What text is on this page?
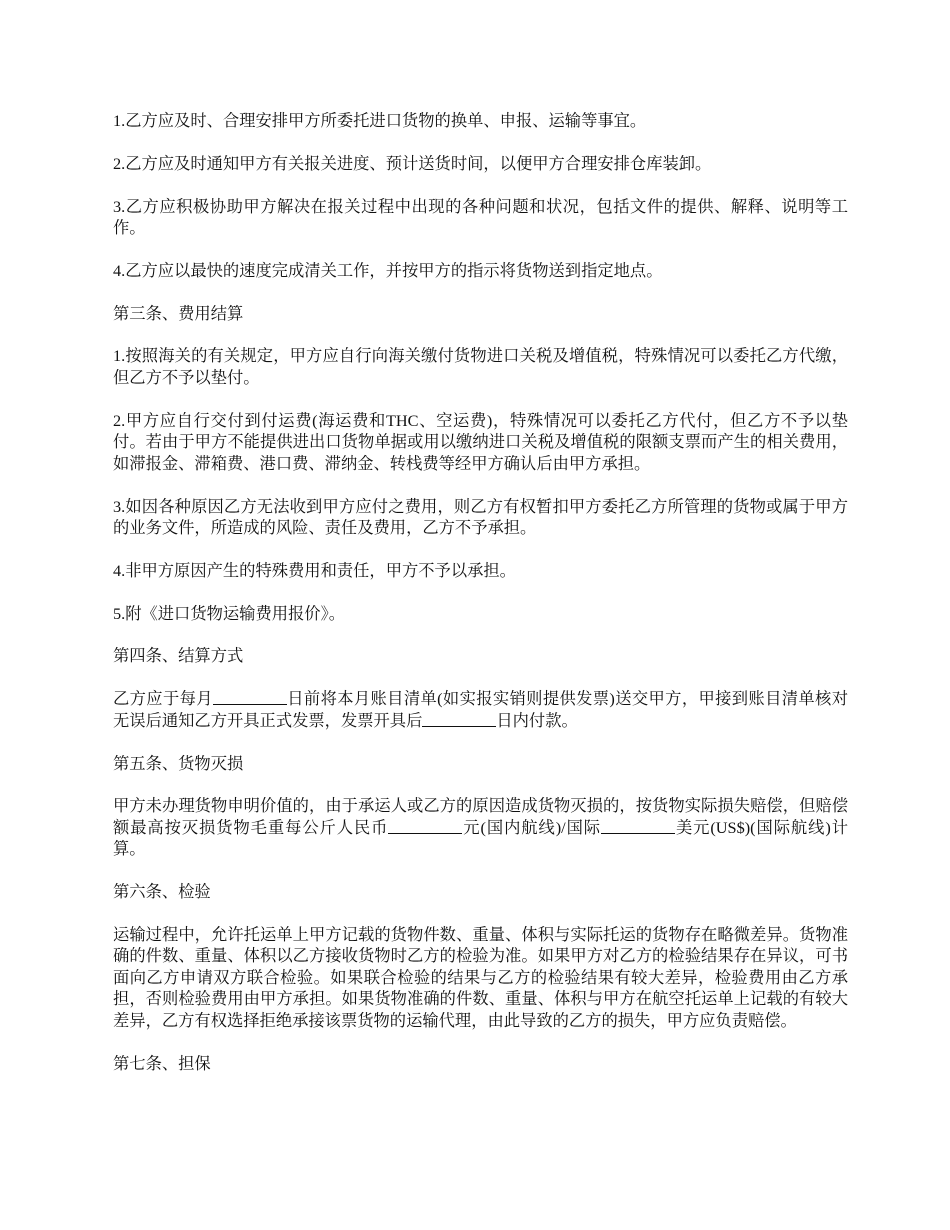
1.乙方应及时、合理安排甲方所委托进口货物的换单、申报、运输等事宜。

2.乙方应及时通知甲方有关报关进度、预计送货时间，以便甲方合理安排仓库装卸。

3.乙方应积极协助甲方解决在报关过程中出现的各种问题和状况，包括文件的提供、解释、说明等工作。

4.乙方应以最快的速度完成清关工作，并按甲方的指示将货物送到指定地点。

第三条、费用结算

1.按照海关的有关规定，甲方应自行向海关缴付货物进口关税及增值税，特殊情况可以委托乙方代缴，但乙方不予以垫付。

2.甲方应自行交付到付运费(海运费和THC、空运费)，特殊情况可以委托乙方代付，但乙方不予以垫付。若由于甲方不能提供进出口货物单据或用以缴纳进口关税及增值税的限额支票而产生的相关费用，如滞报金、滞箱费、港口费、滞纳金、转栈费等经甲方确认后由甲方承担。

3.如因各种原因乙方无法收到甲方应付之费用，则乙方有权暂扣甲方委托乙方所管理的货物或属于甲方的业务文件，所造成的风险、责任及费用，乙方不予承担。

4.非甲方原因产生的特殊费用和责任，甲方不予以承担。

5.附《进口货物运输费用报价》。

第四条、结算方式

乙方应于每月	日前将本月账目清单(如实报实销则提供发票)送交甲方，甲接到账目清单核对无误后通知乙方开具正式发票，发票开具后	日内付款。

第五条、货物灭损

甲方未办理货物申明价值的，由于承运人或乙方的原因造成货物灭损的，按货物实际损失赔偿，但赔偿额最高按灭损货物毛重每公斤人民币	元(国内航线)/国际	美元(US$)(国际航线)计算。

第六条、检验

运输过程中，允许托运单上甲方记载的货物件数、重量、体积与实际托运的货物存在略微差异。货物准确的件数、重量、体积以乙方接收货物时乙方的检验为准。如果甲方对乙方的检验结果存在异议，可书面向乙方申请双方联合检验。如果联合检验的结果与乙方的检验结果有较大差异，检验费用由乙方承担，否则检验费用由甲方承担。如果货物准确的件数、重量、体积与甲方在航空托运单上记载的有较大差异，乙方有权选择拒绝承接该票货物的运输代理，由此导致的乙方的损失，甲方应负责赔偿。

第七条、担保
